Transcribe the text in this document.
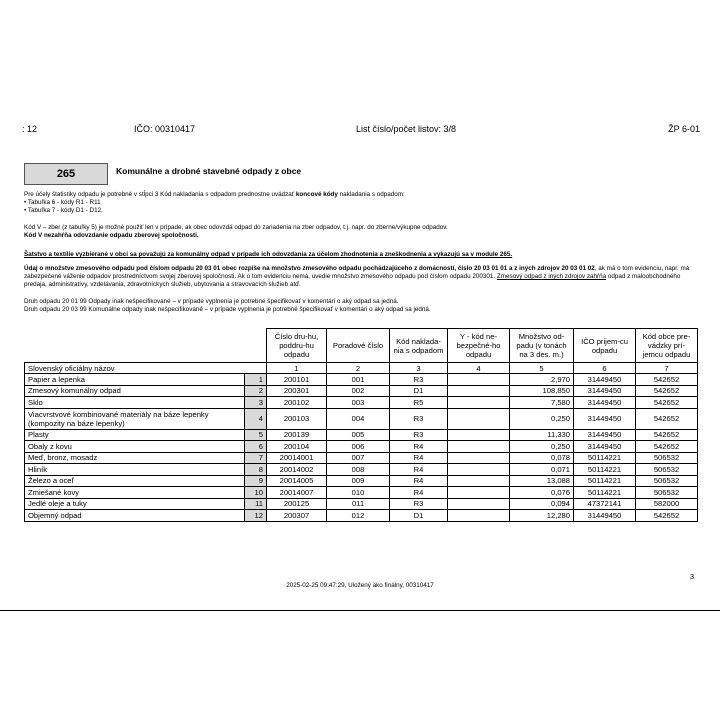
: 12	IČO: 00310417	List číslo/počet listov: 3/8	ŽP 6-01
265	Komunálne a drobné stavebné odpady z obce
Pre účely štatistiky odpadu je potrebné v stĺpci 3 Kód nakladania s odpadom prednostne uvádzať koncové kódy nakladania s odpadom:
• Tabuľka 6 - kódy R1 - R11
• Tabuľka 7 - kódy D1 - D12.
Kód V – zber (z tabuľky 5) je možné použiť len v prípade, ak obec odovzdá odpad do zariadenia na zber odpadov, t.j. napr. do zberne/výkupne odpadov.
Kód V nezahŕňa odovzdanie odpadu zberovej spoločnosti.
Šatstvo a textílie vyzbierané v obci sa považujú za komunálny odpad v prípade ich odovzdania za účelom zhodnotenia a zneškodnenia a vykazujú sa v module 265.
Údaj o množstve zmesového odpadu pod číslom odpadu 20 03 01 obec rozpíše na množstvo zmesového odpadu pochádzajúceho z domácností, číslo 20 03 01 01 a z iných zdrojov 20 03 01 02, ak má o tom evidenciu, napr. má zabezpečené váženie odpadov prostredníctvom svojej zberovej spoločnosti. Ak o tom evidenciu nemá, uvedie množstvo zmesového odpadu pod číslom odpadu 200301. Zmesový odpad z iných zdrojov zahŕňa odpad z maloobchodného predaja, administratívy, vzdelávania, zdravotníckych služieb, ubytovania a stravovacích služieb atď.
Druh odpadu 20 01 99 Odpady inak nešpecifikované – v prípade vyplnenia je potrebné špecifikovať v komentári o aký odpad sa jedná.
Druh odpadu 20 03 99 Komunálne odpady inak nešpecifikované – v prípade vyplnenia je potrebné špecifikovať v komentári o aký odpad sa jedná.
		Číslo dru-hu, poddru-hu odpadu	Poradové číslo	Kód naklada-nia s odpadom	Y - kód ne-bezpečné-ho odpadu	Množstvo od-padu (v tonách na 3 des. m.)	IČO prijem-cu odpadu	Kód obce pre-vádzky prí-jemcu odpadu
Slovenský oficiálny názov		1	2	3	4	5	6	7
Papier a lepenka	1	200101	001	R3		2,970	31449450	542652
Zmesový komunálny odpad	2	200301	002	D1		108,850	31449450	542652
Sklo	3	200102	003	R5		7,580	31449450	542652
Viacvrstvové kombinované materiály na báze lepenky (kompozity na báze lepenky)	4	200103	004	R3		0,250	31449450	542652
Plasty	5	200139	005	R3		11,330	31449450	542652
Obaly z kovu	6	200104	006	R4		0,250	31449450	542652
Meď, bronz, mosadz	7	20014001	007	R4		0,078	50114221	506532
Hliník	8	20014002	008	R4		0,071	50114221	506532
Železo a oceľ	9	20014005	009	R4		13,088	50114221	506532
Zmiešané kovy	10	20014007	010	R4		0,076	50114221	506532
Jedlé oleje a tuky	11	200125	011	R3		0,094	47372141	582000
Objemný odpad	12	200307	012	D1		12,280	31449450	542652
3
2025-02-25 09:47:29, Uložený ako finálny, 00310417
